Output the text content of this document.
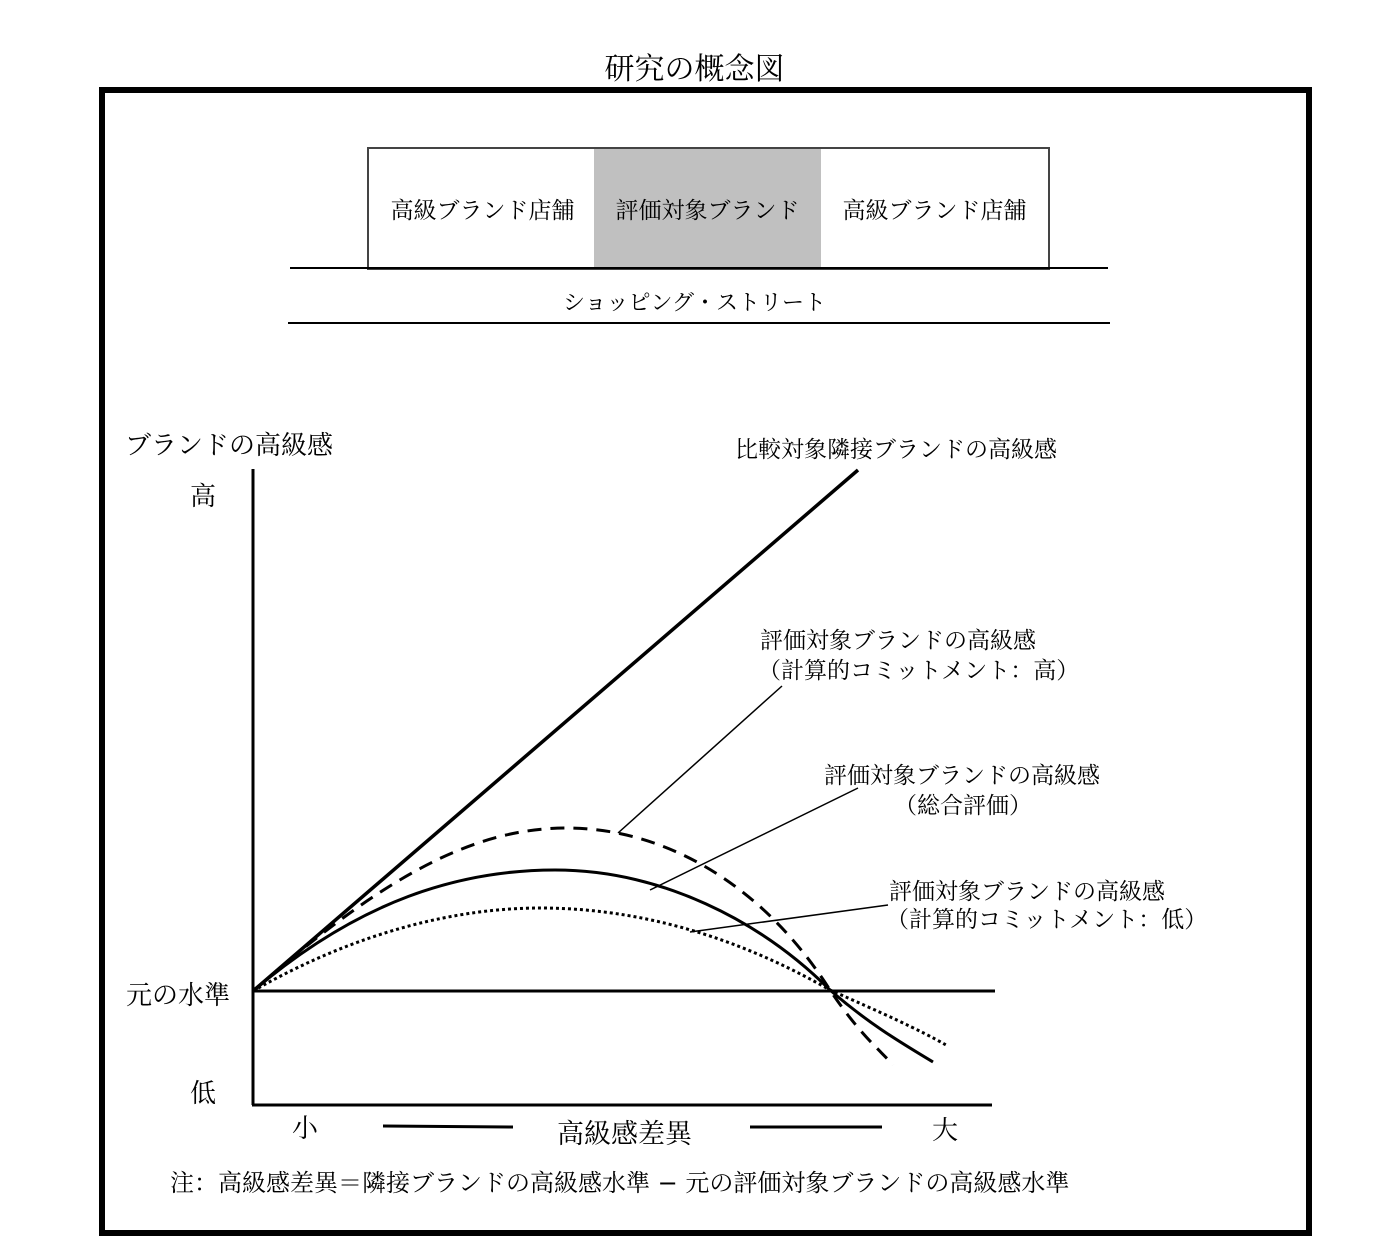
研究の概念図
高級ブランド店舗 評価対象ブランド 高級ブランド店舗
ショッピング・ストリート
ブランドの高級感
高
元の水準
低
小	高級感差異	大
比較対象隣接ブランドの高級感
評価対象ブランドの高級感
（計算的コミットメント：高）
評価対象ブランドの高級感
（総合評価）
評価対象ブランドの高級感
（計算的コミットメント：低）
注：高級感差異＝隣接ブランドの高級感水準 − 元の評価対象ブランドの高級感水準
